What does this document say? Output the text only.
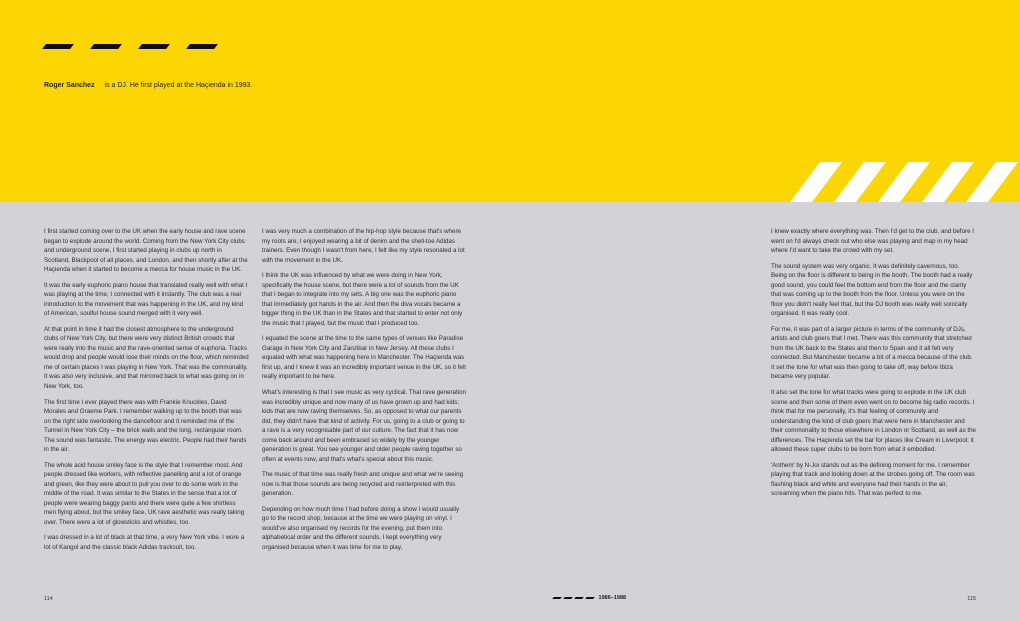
Roger Sanchez is a DJ. He first played at the Haçienda in 1993.

I first started coming over to the UK when the early house and rave scene began to explode around the world. Coming from the New York City clubs and underground scene, I first started playing in clubs up north in Scotland, Blackpool of all places, and London, and then shortly after at the Haçienda when it started to become a mecca for house music in the UK.

It was the early euphoric piano house that translated really well with what I was playing at the time; I connected with it instantly. The club was a real introduction to the movement that was happening in the UK, and my kind of American, soulful house sound merged with it very well.

At that point in time it had the closest atmosphere to the underground clubs of New York City, but there were very distinct British crowds that were really into the music and the rave-oriented sense of euphoria. Tracks would drop and people would lose their minds on the floor, which reminded me of certain places I was playing in New York. That was the commonality. It was also very inclusive, and that mirrored back to what was going on in New York, too.

The first time I ever played there was with Frankie Knuckles, David Morales and Graeme Park. I remember walking up to the booth that was on the right side overlooking the dancefloor and it reminded me of the Tunnel in New York City – the brick walls and the long, rectangular room. The sound was fantastic. The energy was electric. People had their hands in the air.

The whole acid house smiley face is the style that I remember most. And people dressed like workers, with reflective panelling and a lot of orange and green, like they were about to pull you over to do some work in the middle of the road. It was similar to the States in the sense that a lot of people were wearing baggy pants and there were quite a few shirtless men flying about, but the smiley face, UK rave aesthetic was really taking over. There were a lot of glowsticks and whistles, too.

I was dressed in a lot of black at that time, a very New York vibe. I wore a lot of Kangol and the classic black Adidas tracksuit, too.

I was very much a combination of the hip-hop style because that's where my roots are, I enjoyed wearing a bit of denim and the shell-toe Adidas trainers. Even though I wasn't from here, I felt like my style resonated a lot with the movement in the UK.

I think the UK was influenced by what we were doing in New York, specifically the house scene, but there were a lot of sounds from the UK that I began to integrate into my sets. A big one was the euphoric piano that immediately got hands in the air. And then the diva vocals became a bigger thing in the UK than in the States and that started to enter not only the music that I played, but the music that I produced too.

I equated the scene at the time to the same types of venues like Paradise Garage in New York City and Zanzibar in New Jersey. All these clubs I equated with what was happening here in Manchester. The Haçienda was first up, and I knew it was an incredibly important venue in the UK, so it felt really important to be here.

What's interesting is that I see music as very cyclical. That rave generation was incredibly unique and now many of us have grown up and had kids; kids that are now raving themselves. So, as opposed to what our parents did, they didn't have that kind of activity. For us, going to a club or going to a rave is a very recognisable part of our culture. The fact that it has now come back around and been embraced so widely by the younger generation is great. You see younger and older people raving together so often at events now, and that's what's special about this music.

The music of that time was really fresh and unique and what we're seeing now is that those sounds are being recycled and reinterpreted with this generation.

Depending on how much time I had before doing a show I would usually go to the record shop, because at the time we were playing on vinyl. I would've also organised my records for the evening, put them into alphabetical order and the different sounds. I kept everything very organised because when it was time for me to play,

I knew exactly where everything was. Then I'd get to the club, and before I went on I'd always check out who else was playing and map in my head where I'd want to take the crowd with my set.

The sound system was very organic. It was definitely cavernous, too. Being on the floor is different to being in the booth. The booth had a really good sound, you could feel the bottom end from the floor and the clarity that was coming up to the booth from the floor. Unless you were on the floor you didn't really feel that, but the DJ booth was really well sonically organised. It was really cool.

For me, it was part of a larger picture in terms of the community of DJs, artists and club goers that I met. There was this community that stretched from the UK back to the States and then to Spain and it all felt very connected. But Manchester became a bit of a mecca because of the club. It set the tone for what was then going to take off, way before Ibiza became very popular.

It also set the tone for what tracks were going to explode in the UK club scene and then some of them even went on to become big radio records. I think that for me personally, it's that feeling of community and understanding the kind of club goers that were here in Manchester and their commonality to those elsewhere in London or Scotland, as well as the differences. The Haçienda set the bar for places like Cream in Liverpool; it allowed these super clubs to be born from what it embodied.

'Anthem' by N-Joi stands out as the defining moment for me. I remember playing that track and looking down at the strobes going off. The room was flashing black and white and everyone had their hands in the air, screaming when the piano hits. That was perfect to me.

114	1986–1988	115
